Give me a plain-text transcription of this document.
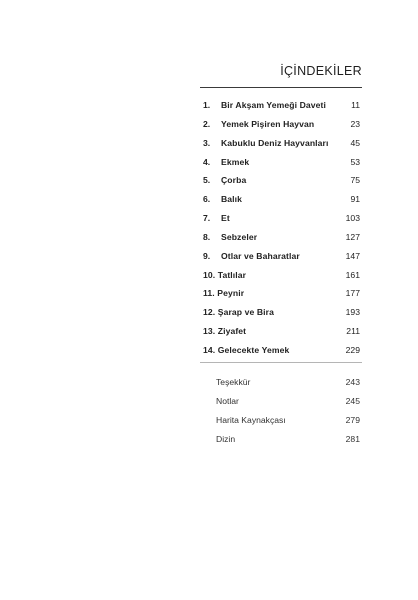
İÇİNDEKİLER
1. Bir Akşam Yemeği Daveti	11
2. Yemek Pişiren Hayvan	23
3. Kabuklu Deniz Hayvanları	45
4. Ekmek	53
5. Çorba	75
6. Balık	91
7. Et	103
8. Sebzeler	127
9. Otlar ve Baharatlar	147
10. Tatlılar	161
11. Peynir	177
12. Şarap ve Bira	193
13. Ziyafet	211
14. Gelecekte Yemek	229
Teşekkür	243
Notlar	245
Harita Kaynakçası	279
Dizin	281
